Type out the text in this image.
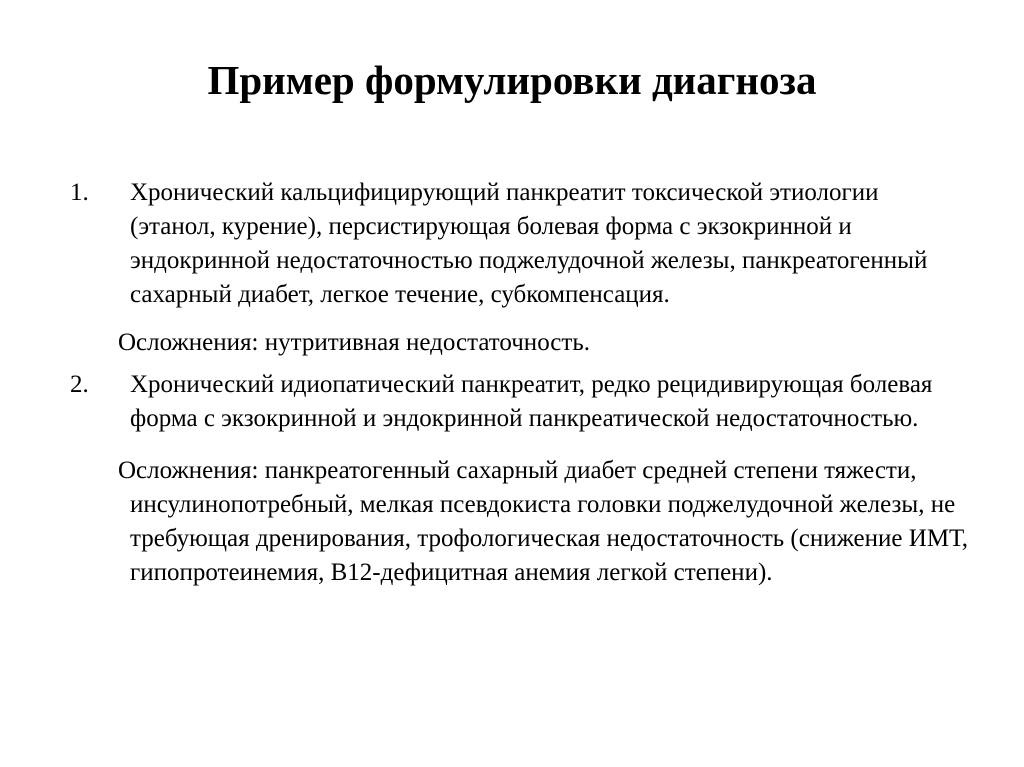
Пример формулировки диагноза
1. Хронический кальцифицирующий панкреатит токсической этиологии (этанол, курение), персистирующая болевая форма с экзокринной и эндокринной недостаточностью поджелудочной железы, панкреатогенный сахарный диабет, легкое течение, субкомпенсация.
Осложнения: нутритивная недостаточность.
2. Хронический идиопатический панкреатит, редко рецидивирующая болевая форма с экзокринной и эндокринной панкреатической недостаточностью.
Осложнения: панкреатогенный сахарный диабет средней степени тяжести, инсулинопотребный, мелкая псевдокиста головки поджелудочной железы, не требующая дренирования, трофологическая недостаточность (снижение ИМТ, гипопротеинемия, В12-дефицитная анемия легкой степени).
